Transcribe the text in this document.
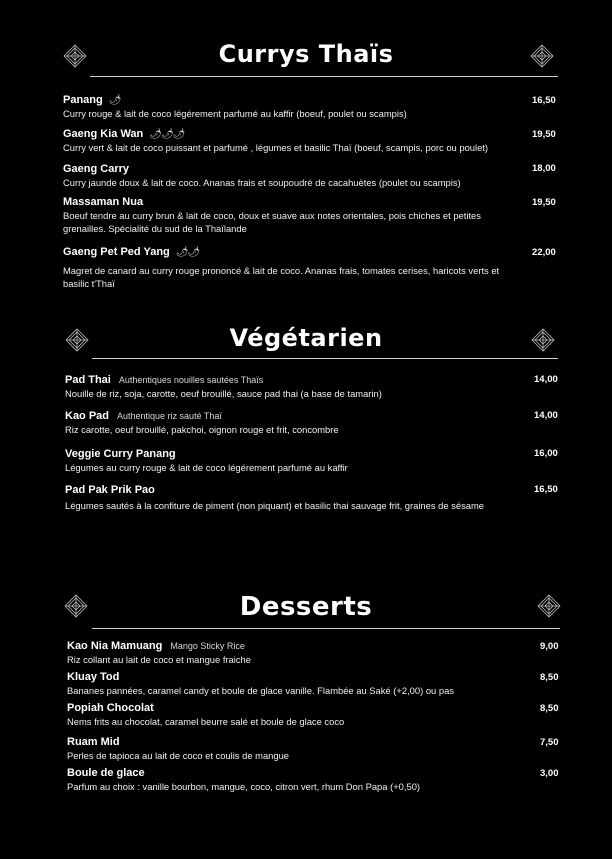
Currys Thaïs
Panang 🌶
Curry rouge & lait de coco légérement parfumé au kaffir (boeuf, poulet ou scampis)
16,50
Gaeng Kia Wan 🌶🌶🌶
Curry vert & lait de coco puissant et parfumé , légumes et basilic Thaï (boeuf, scampis, porc ou poulet)
19,50
Gaeng Carry
Curry jaunde doux & lait de coco. Ananas frais et soupoudré de cacahuètes (poulet ou scampis)
18,00
Massaman Nua
Boeuf tendre au curry brun & lait de coco, doux et suave aux notes orientales, pois chiches et petites grenailles. Spécialité du sud de la Thaïlande
19,50
Gaeng Pet Ped Yang 🌶🌶
Magret de canard au curry rouge prononcé & lait de coco. Ananas frais, tomates cerises, haricots verts et basilic t'Thaï
22,00
Végétarien
Pad Thai Authentiques nouilles sautées Thaïs
Nouille de riz, soja, carotte, oeuf brouillé, sauce pad thai (a base de tamarin)
14,00
Kao Pad Authentique riz sauté Thaï
Riz carotte, oeuf brouillé, pakchoi, oignon rouge et frit, concombre
14,00
Veggie Curry Panang
Légumes au curry rouge & lait de coco légérement parfumé au kaffir
16,00
Pad Pak Prik Pao
Légumes sautés à la confiture de piment (non piquant) et basilic thai sauvage frit, graines de sésame
16,50
Desserts
Kao Nia Mamuang Mango Sticky Rice
Riz collant au lait de coco et mangue fraiche
9,00
Kluay Tod
Bananes pannées, caramel candy et boule de glace vanille. Flambée au Saké (+2,00) ou pas
8,50
Popiah Chocolat
Nems frits au chocolat, caramel beurre salé et boule de glace coco
8,50
Ruam Mid
Perles de tapioca au lait de coco et coulis de mangue
7,50
Boule de glace
Parfum au choix : vanille bourbon, mangue, coco, citron vert, rhum Don Papa (+0,50)
3,00
